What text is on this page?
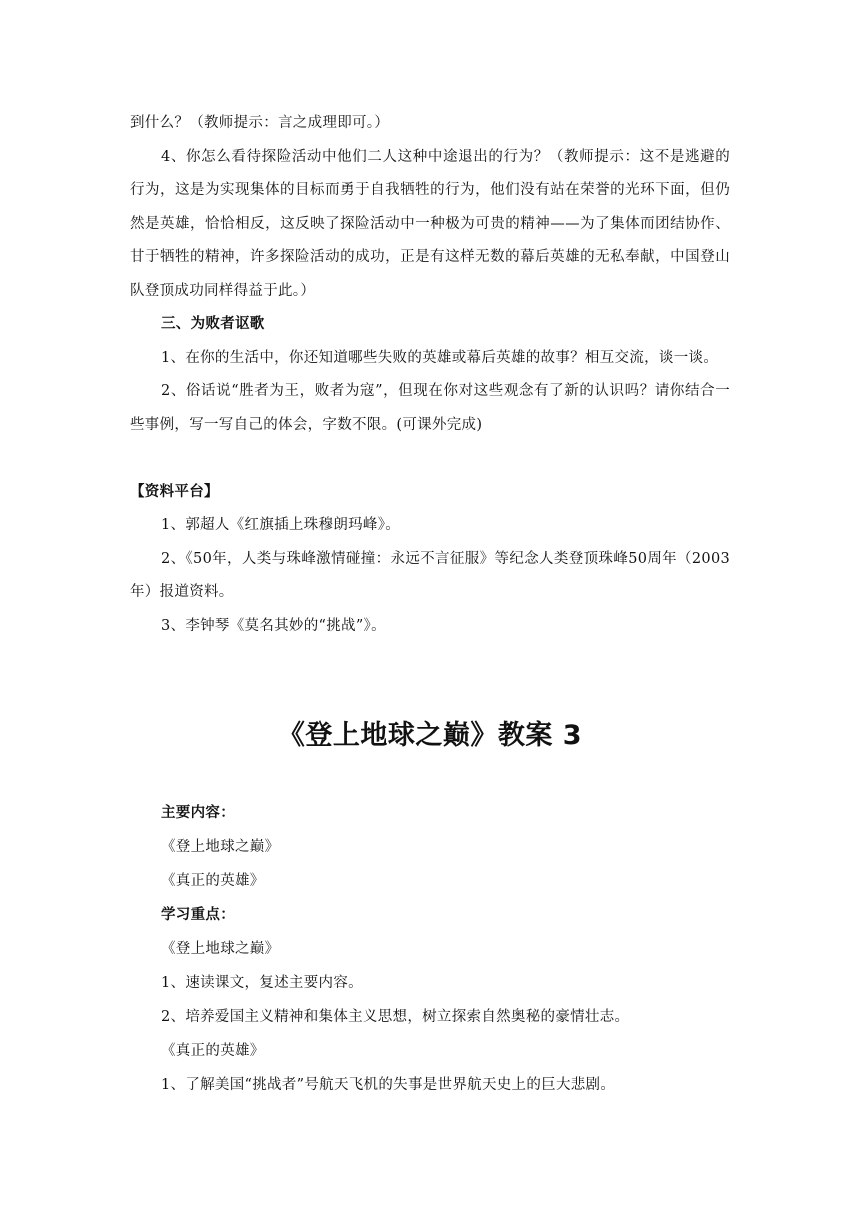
到什么？（教师提示：言之成理即可。）

4、你怎么看待探险活动中他们二人这种中途退出的行为？（教师提示：这不是逃避的行为，这是为实现集体的目标而勇于自我牺牲的行为，他们没有站在荣誉的光环下面，但仍然是英雄，恰恰相反，这反映了探险活动中一种极为可贵的精神——为了集体而团结协作、甘于牺牲的精神，许多探险活动的成功，正是有这样无数的幕后英雄的无私奉献，中国登山队登顶成功同样得益于此。）

三、为败者讴歌

1、在你的生活中，你还知道哪些失败的英雄或幕后英雄的故事？相互交流，谈一谈。

2、俗话说“胜者为王，败者为寇”，但现在你对这些观念有了新的认识吗？请你结合一些事例，写一写自己的体会，字数不限。(可课外完成)

【资料平台】

1、郭超人《红旗插上珠穆朗玛峰》。

2、《50年，人类与珠峰激情碰撞：永远不言征服》等纪念人类登顶珠峰50周年（2003年）报道资料。

3、李钟琴《莫名其妙的“挑战”》。

《登上地球之巅》教案 3

主要内容：

《登上地球之巅》

《真正的英雄》

学习重点：

《登上地球之巅》

1、速读课文，复述主要内容。

2、培养爱国主义精神和集体主义思想，树立探索自然奥秘的豪情壮志。

《真正的英雄》

1、了解美国“挑战者”号航天飞机的失事是世界航天史上的巨大悲剧。
